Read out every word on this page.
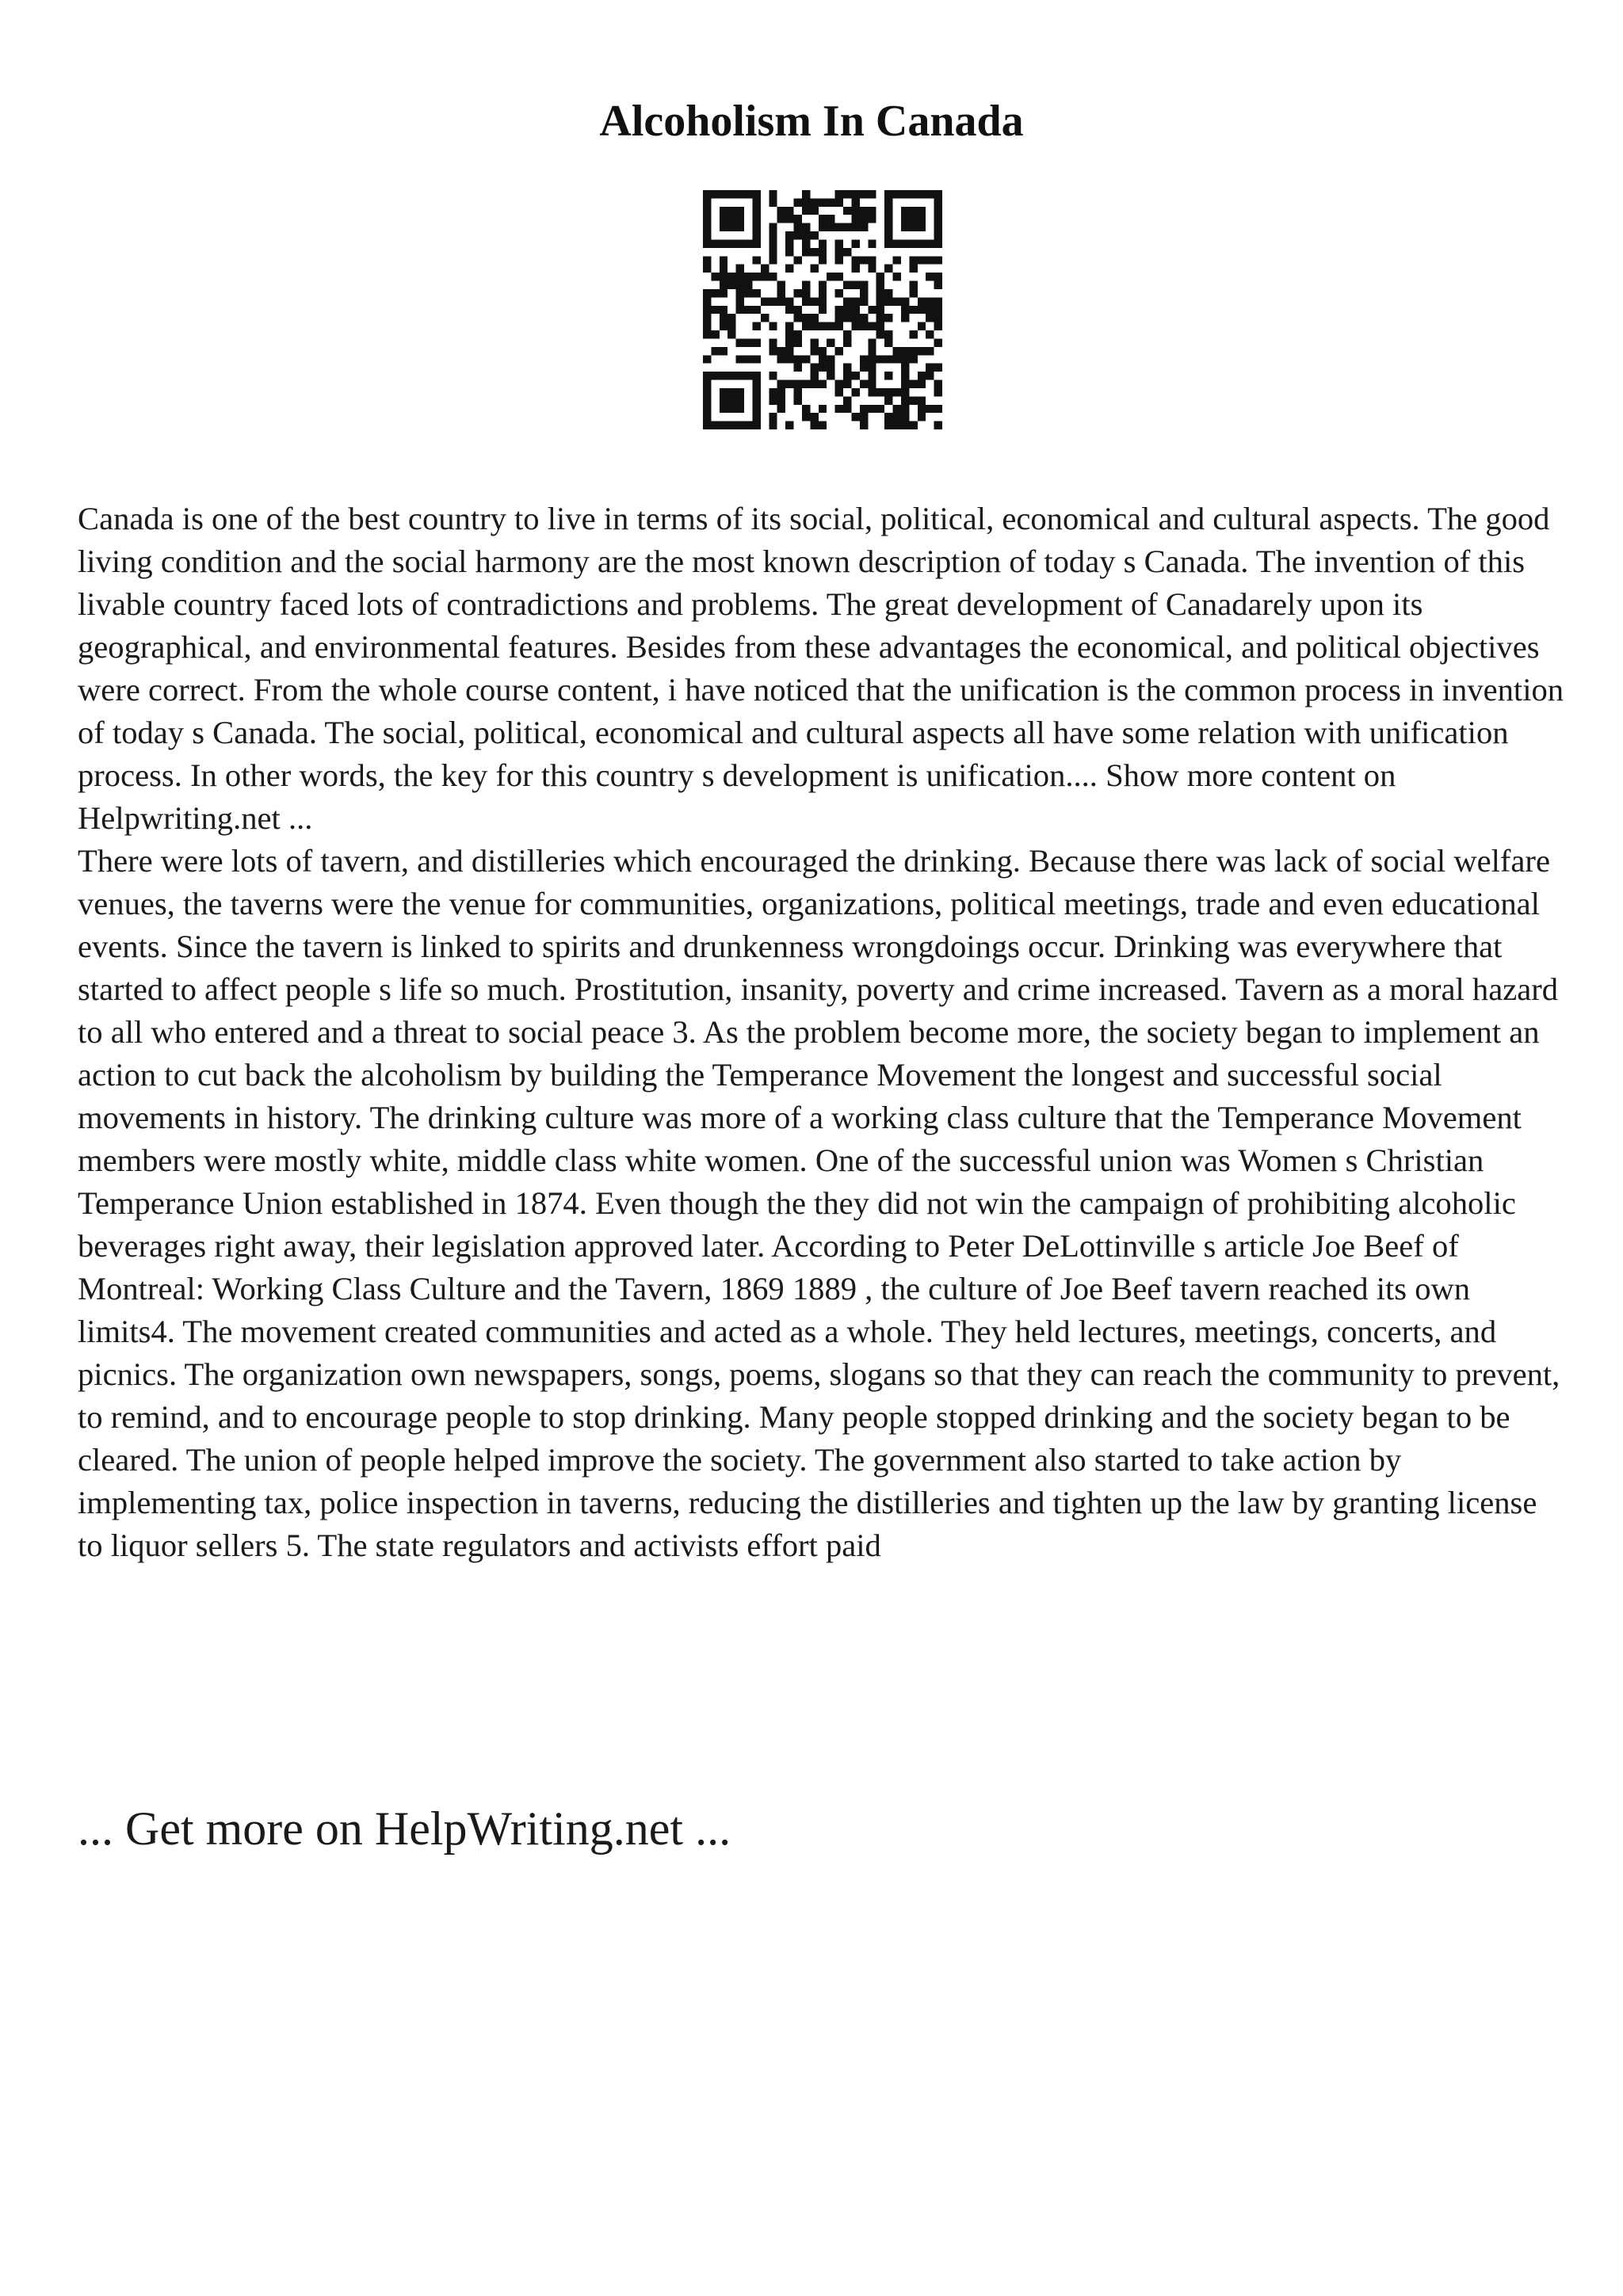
Alcoholism In Canada

Canada is one of the best country to live in terms of its social, political, economical and cultural aspects. The good living condition and the social harmony are the most known description of today s Canada. The invention of this livable country faced lots of contradictions and problems. The great development of Canadarely upon its geographical, and environmental features. Besides from these advantages the economical, and political objectives were correct. From the whole course content, i have noticed that the unification is the common process in invention of today s Canada. The social, political, economical and cultural aspects all have some relation with unification process. In other words, the key for this country s development is unification.... Show more content on Helpwriting.net ...

There were lots of tavern, and distilleries which encouraged the drinking. Because there was lack of social welfare venues, the taverns were the venue for communities, organizations, political meetings, trade and even educational events. Since the tavern is linked to spirits and drunkenness wrongdoings occur. Drinking was everywhere that started to affect people s life so much. Prostitution, insanity, poverty and crime increased. Tavern as a moral hazard to all who entered and a threat to social peace 3. As the problem become more, the society began to implement an action to cut back the alcoholism by building the Temperance Movement the longest and successful social movements in history. The drinking culture was more of a working class culture that the Temperance Movement members were mostly white, middle class white women. One of the successful union was Women s Christian Temperance Union established in 1874. Even though the they did not win the campaign of prohibiting alcoholic beverages right away, their legislation approved later. According to Peter DeLottinville s article Joe Beef of Montreal: Working Class Culture and the Tavern, 1869 1889 , the culture of Joe Beef tavern reached its own limits4. The movement created communities and acted as a whole. They held lectures, meetings, concerts, and picnics. The organization own newspapers, songs, poems, slogans so that they can reach the community to prevent, to remind, and to encourage people to stop drinking. Many people stopped drinking and the society began to be cleared. The union of people helped improve the society. The government also started to take action by implementing tax, police inspection in taverns, reducing the distilleries and tighten up the law by granting license to liquor sellers 5. The state regulators and activists effort paid

... Get more on HelpWriting.net ...
